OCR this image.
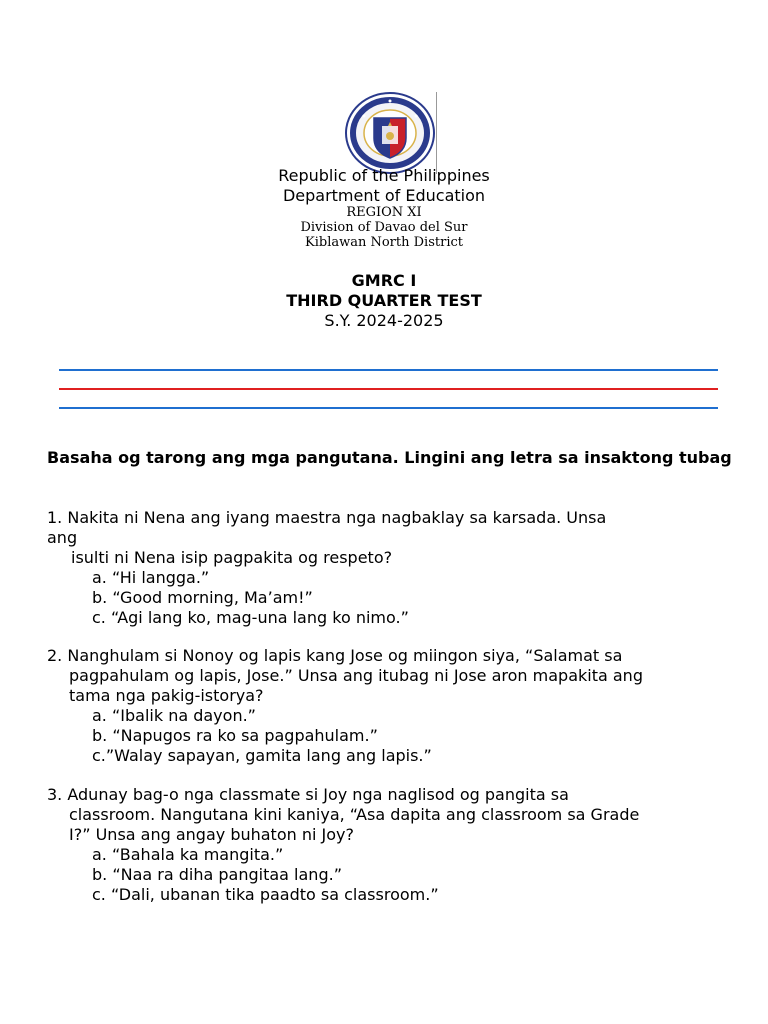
Republic of the Philippines
Department of Education
REGION XI
Division of Davao del Sur
Kiblawan North District
GMRC I
THIRD QUARTER TEST
S.Y. 2024-2025
Basaha og tarong ang mga pangutana. Lingini ang letra sa insaktong tubag
1. Nakita ni Nena ang iyang maestra nga nagbaklay sa karsada. Unsa
ang
isulti ni Nena isip pagpakita og respeto?
a. “Hi langga.”
b. “Good morning, Ma’am!”
c. “Agi lang ko, mag-una lang ko nimo.”
2. Nanghulam si Nonoy og lapis kang Jose og miingon siya, “Salamat sa
pagpahulam og lapis, Jose.” Unsa ang itubag ni Jose aron mapakita ang
tama nga pakig-istorya?
a. “Ibalik na dayon.”
b. “Napugos ra ko sa pagpahulam.”
c.”Walay sapayan, gamita lang ang lapis.”
3. Adunay bag-o nga classmate si Joy nga naglisod og pangita sa
classroom. Nangutana kini kaniya, “Asa dapita ang classroom sa Grade
I?” Unsa ang angay buhaton ni Joy?
a. “Bahala ka mangita.”
b. “Naa ra diha pangitaa lang.”
c. “Dali, ubanan tika paadto sa classroom.”
